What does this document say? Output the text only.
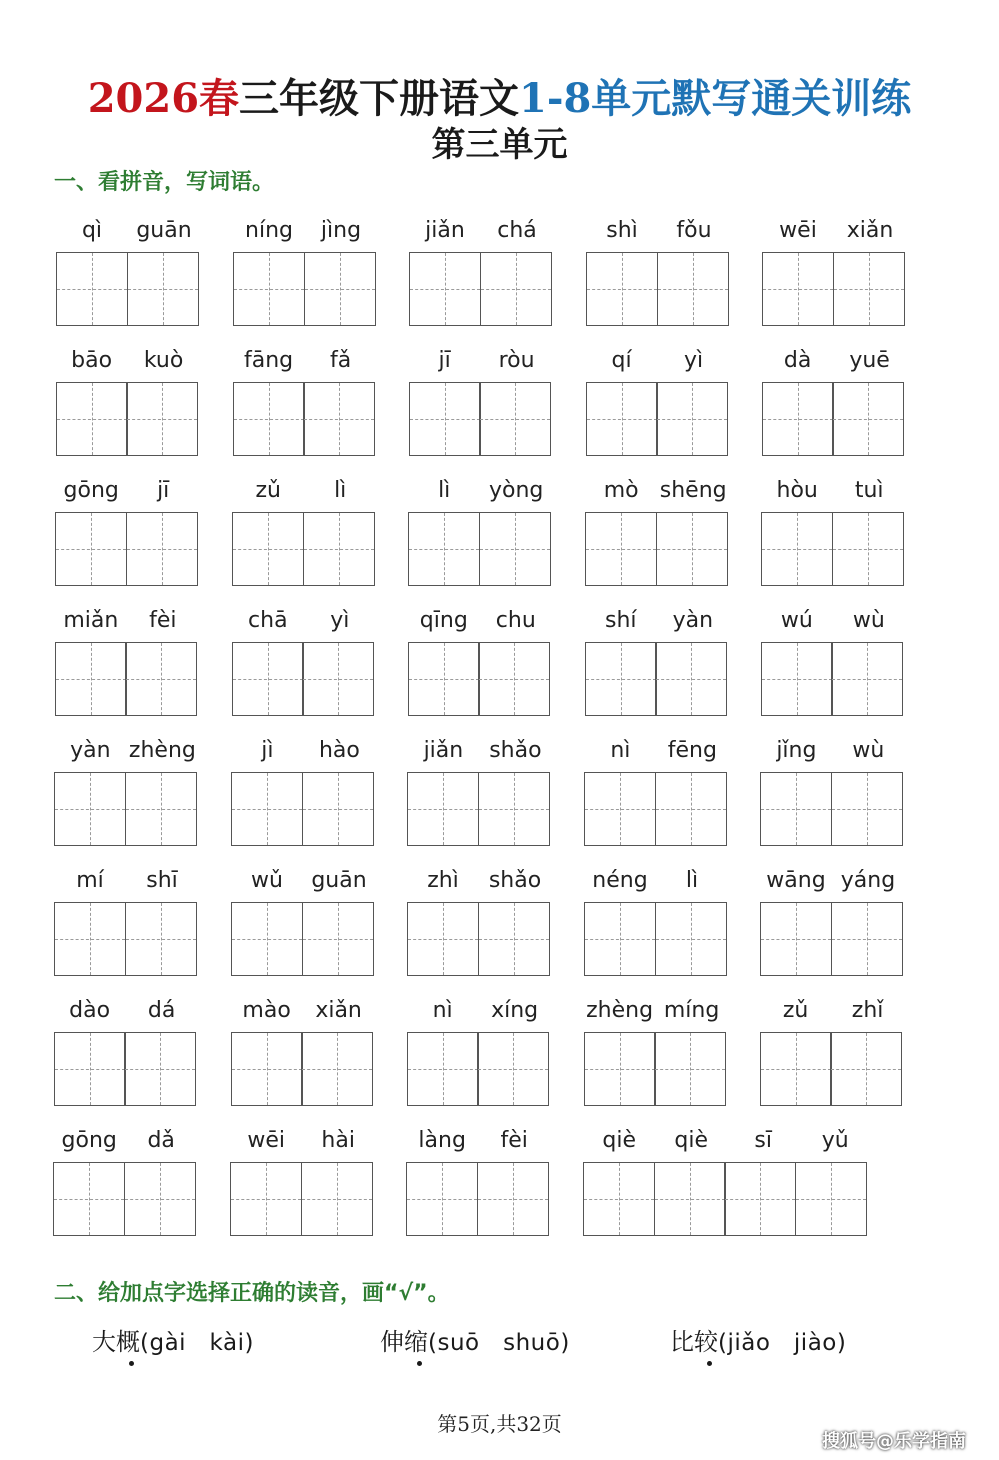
2026春三年级下册语文1-8单元默写通关训练
第三单元
一、看拼音，写词语。
qì	guān	níng	jìng	jiǎn	chá	shì	fǒu	wēi	xiǎn
bāo	kuò	fāng	fǎ	jī	ròu	qí	yì	dà	yuē
gōng	jī	zǔ	lì	lì	yòng	mò shēng	hòu	tuì
miǎn	fèi	chā	yì	qīng	chu	shí	yàn	wú	wù
yàn zhèng	jì	hào	jiǎn	shǎo	nì	fēng	jǐng	wù
mí	shī	wǔ	guān	zhì	shǎo	néng	lì	wāng yáng
dào	dá	mào	xiǎn	nì	xíng	zhèng míng	zǔ	zhǐ
gōng	dǎ	wēi	hài	làng	fèi	qiè	qiè	sī	yǔ
二、给加点字选择正确的读音，画“√”。
大概
(gài　kài)	伸缩
(suō　shuō)	比较
(jiǎo　jiào)
第5页,共32页
搜狐号@乐学指南
